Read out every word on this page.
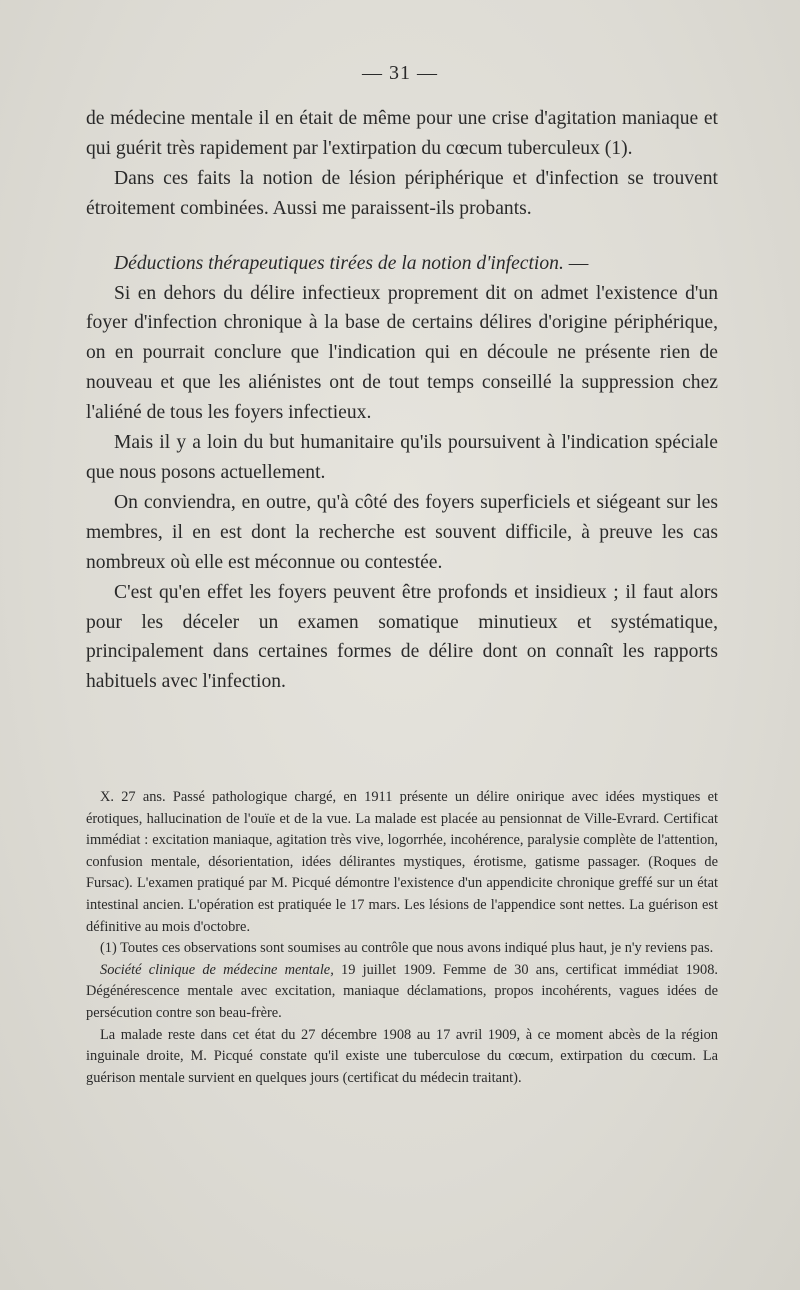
— 31 —

de médecine mentale il en était de même pour une crise d'agitation maniaque et qui guérit très rapidement par l'extirpation du cœcum tuberculeux (1).

Dans ces faits la notion de lésion périphérique et d'infection se trouvent étroitement combinées. Aussi me paraissent-ils probants.

Déductions thérapeutiques tirées de la notion d'infection. —

Si en dehors du délire infectieux proprement dit on admet l'existence d'un foyer d'infection chronique à la base de certains délires d'origine périphérique, on en pourrait conclure que l'indication qui en découle ne présente rien de nouveau et que les aliénistes ont de tout temps conseillé la suppression chez l'aliéné de tous les foyers infectieux.

Mais il y a loin du but humanitaire qu'ils poursuivent à l'indication spéciale que nous posons actuellement.

On conviendra, en outre, qu'à côté des foyers superficiels et siégeant sur les membres, il en est dont la recherche est souvent difficile, à preuve les cas nombreux où elle est méconnue ou contestée.

C'est qu'en effet les foyers peuvent être profonds et insidieux ; il faut alors pour les déceler un examen somatique minutieux et systématique, principalement dans certaines formes de délire dont on connaît les rapports habituels avec l'infection.

X. 27 ans. Passé pathologique chargé, en 1911 présente un délire onirique avec idées mystiques et érotiques, hallucination de l'ouïe et de la vue. La malade est placée au pensionnat de Ville-Evrard. Certificat immédiat : excitation maniaque, agitation très vive, logorrhée, incohérence, paralysie complète de l'attention, confusion mentale, désorientation, idées délirantes mystiques, érotisme, gatisme passager. (Roques de Fursac). L'examen pratiqué par M. Picqué démontre l'existence d'un appendicite chronique greffé sur un état intestinal ancien. L'opération est pratiquée le 17 mars. Les lésions de l'appendice sont nettes. La guérison est définitive au mois d'octobre.

(1) Toutes ces observations sont soumises au contrôle que nous avons indiqué plus haut, je n'y reviens pas.

Société clinique de médecine mentale, 19 juillet 1909. Femme de 30 ans, certificat immédiat 1908. Dégénérescence mentale avec excitation, maniaque déclamations, propos incohérents, vagues idées de persécution contre son beau-frère.

La malade reste dans cet état du 27 décembre 1908 au 17 avril 1909, à ce moment abcès de la région inguinale droite, M. Picqué constate qu'il existe une tuberculose du cœcum, extirpation du cœcum. La guérison mentale survient en quelques jours (certificat du médecin traitant).
